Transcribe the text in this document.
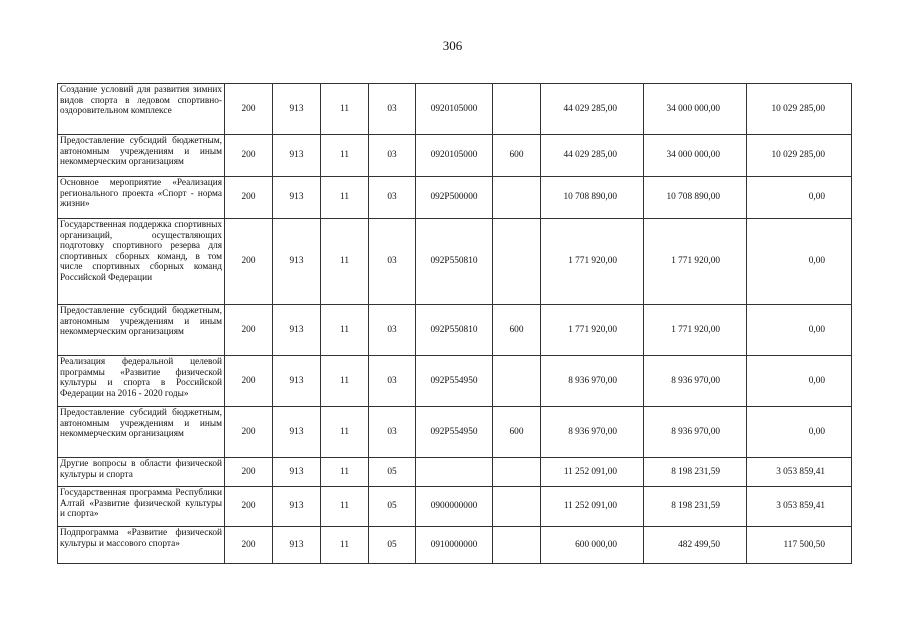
306
Создание условий для развития зимних видов спорта в ледовом спортивно-оздоровительном комплексе	200	913	11	03	0920105000		44 029 285,00	34 000 000,00	10 029 285,00
Предоставление субсидий бюджетным, автономным учреждениям и иным некоммерческим организациям	200	913	11	03	0920105000	600	44 029 285,00	34 000 000,00	10 029 285,00
Основное мероприятие «Реализация регионального проекта «Спорт - норма жизни»	200	913	11	03	092P500000		10 708 890,00	10 708 890,00	0,00
Государственная поддержка спортивных организаций, осуществляющих подготовку спортивного резерва для спортивных сборных команд, в том числе спортивных сборных команд Российской Федерации	200	913	11	03	092P550810		1 771 920,00	1 771 920,00	0,00
Предоставление субсидий бюджетным, автономным учреждениям и иным некоммерческим организациям	200	913	11	03	092P550810	600	1 771 920,00	1 771 920,00	0,00
Реализация федеральной целевой программы «Развитие физической культуры и спорта в Российской Федерации на 2016 - 2020 годы»	200	913	11	03	092P554950		8 936 970,00	8 936 970,00	0,00
Предоставление субсидий бюджетным, автономным учреждениям и иным некоммерческим организациям	200	913	11	03	092P554950	600	8 936 970,00	8 936 970,00	0,00
Другие вопросы в области физической культуры и спорта	200	913	11	05			11 252 091,00	8 198 231,59	3 053 859,41
Государственная программа Республики Алтай «Развитие физической культуры и спорта»	200	913	11	05	0900000000		11 252 091,00	8 198 231,59	3 053 859,41
Подпрограмма «Развитие физической культуры и массового спорта»	200	913	11	05	0910000000		600 000,00	482 499,50	117 500,50
